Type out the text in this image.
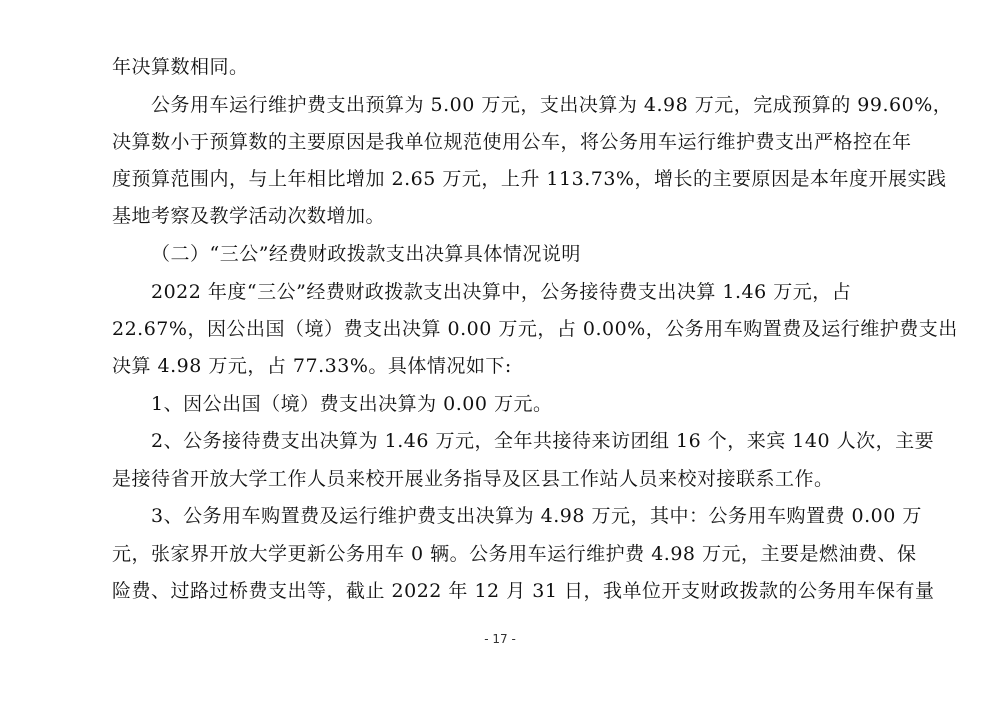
年决算数相同。
公务用车运行维护费支出预算为 5.00 万元，支出决算为 4.98 万元，完成预算的 99.60%，
决算数小于预算数的主要原因是我单位规范使用公车，将公务用车运行维护费支出严格控在年
度预算范围内，与上年相比增加 2.65 万元，上升 113.73%，增长的主要原因是本年度开展实践
基地考察及教学活动次数增加。
（二）“三公”经费财政拨款支出决算具体情况说明
2022 年度“三公”经费财政拨款支出决算中，公务接待费支出决算 1.46 万元，占
22.67%，因公出国（境）费支出决算 0.00 万元，占 0.00%，公务用车购置费及运行维护费支出
决算 4.98 万元，占 77.33%。具体情况如下:
1、因公出国（境）费支出决算为 0.00 万元。
2、公务接待费支出决算为 1.46 万元，全年共接待来访团组 16 个，来宾 140 人次，主要
是接待省开放大学工作人员来校开展业务指导及区县工作站人员来校对接联系工作。
3、公务用车购置费及运行维护费支出决算为 4.98 万元，其中：公务用车购置费 0.00 万
元，张家界开放大学更新公务用车 0 辆。公务用车运行维护费 4.98 万元，主要是燃油费、保
险费、过路过桥费支出等，截止 2022 年 12 月 31 日，我单位开支财政拨款的公务用车保有量
- 17 -
